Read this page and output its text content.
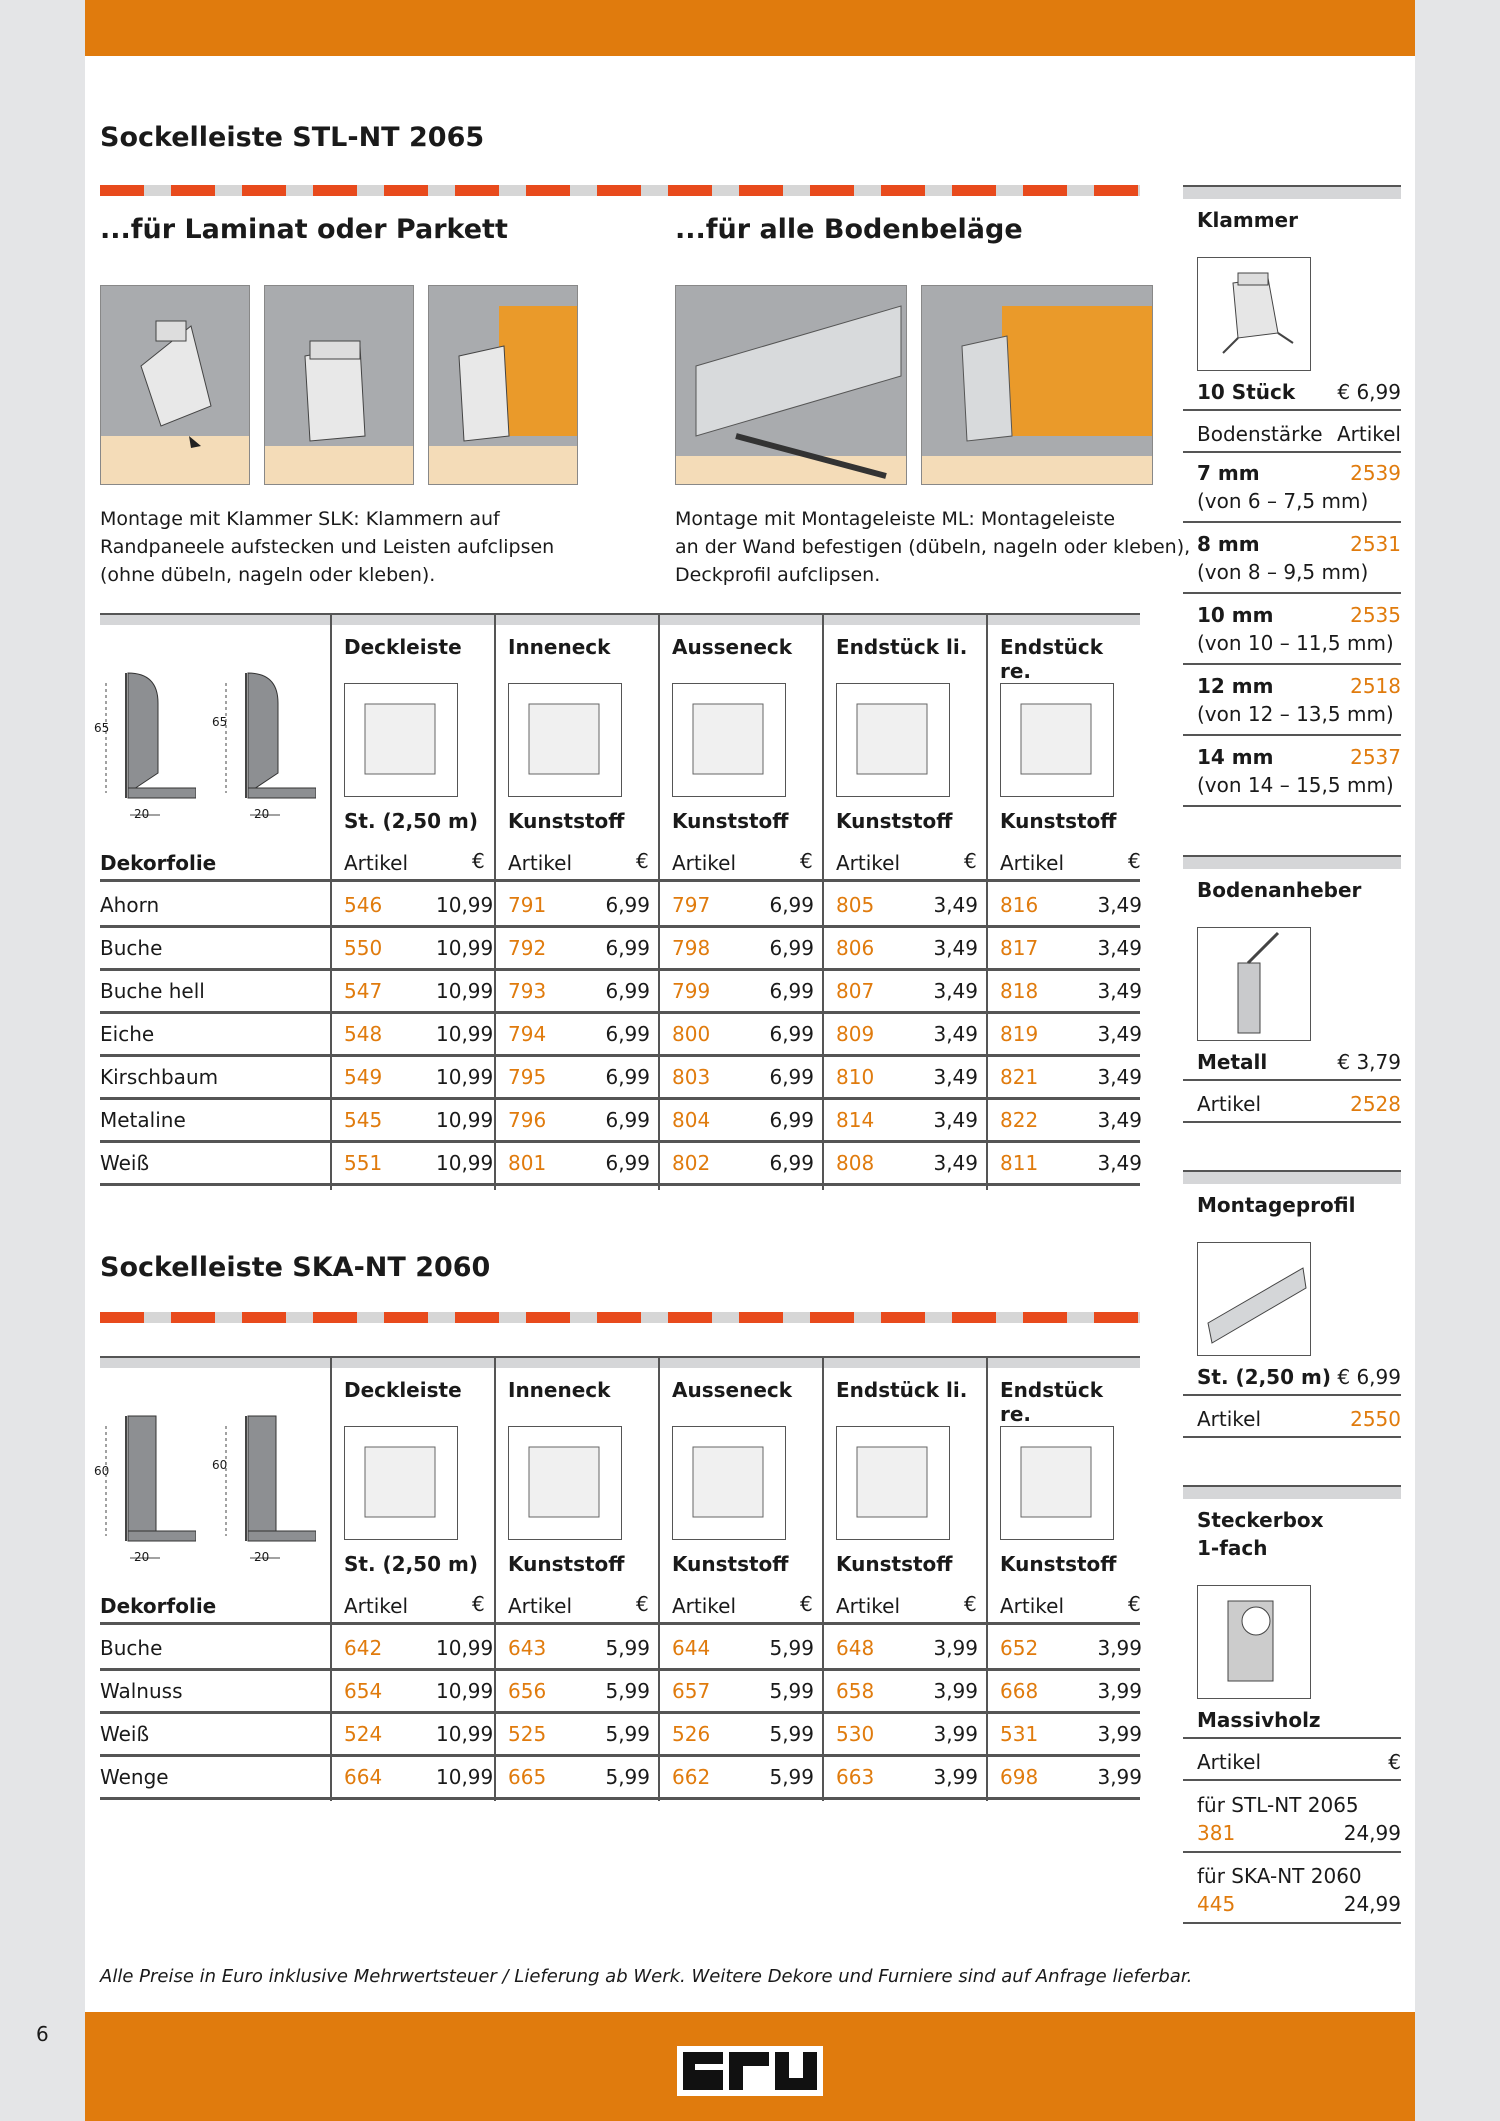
Sockelleiste STL-NT 2065
...für Laminat oder Parkett	...für alle Bodenbeläge
Montage mit Klammer SLK: Klammern auf
Randpaneele aufstecken und Leisten aufclipsen
(ohne dübeln, nageln oder kleben).
Montage mit Montageleiste ML: Montageleiste
an der Wand befestigen (dübeln, nageln oder kleben),
Deckprofil aufclipsen.
65	65
20	20
Deckleiste
St. (2,50 m)
Artikel	€
Inneneck
Kunststoff
Artikel	€
Ausseneck
Kunststoff
Artikel	€
Endstück li.
Kunststoff
Artikel	€
Endstück re.
Kunststoff
Artikel	€
Dekorfolie
Ahorn	546	10,99 791	6,99 797	6,99 805	3,49 816	3,49
Buche	550	10,99 792	6,99 798	6,99 806	3,49 817	3,49
Buche hell	547	10,99 793	6,99 799	6,99 807	3,49 818	3,49
Eiche	548	10,99 794	6,99 800	6,99 809	3,49 819	3,49
Kirschbaum	549	10,99 795	6,99 803	6,99 810	3,49 821	3,49
Metaline	545	10,99 796	6,99 804	6,99 814	3,49 822	3,49
Weiß	551	10,99 801	6,99 802	6,99 808	3,49 811	3,49
Sockelleiste SKA-NT 2060
60	60
20	20
Deckleiste
St. (2,50 m)
Artikel	€
Inneneck
Kunststoff
Artikel	€
Ausseneck
Kunststoff
Artikel	€
Endstück li.
Kunststoff
Artikel	€
Endstück re.
Kunststoff
Artikel	€
Dekorfolie
Buche	642	10,99 643	5,99 644	5,99 648	3,99 652	3,99
Walnuss	654	10,99 656	5,99 657	5,99 658	3,99 668	3,99
Weiß	524	10,99 525	5,99 526	5,99 530	3,99 531	3,99
Wenge	664	10,99 665	5,99 662	5,99 663	3,99 698	3,99
Klammer
10 Stück € 6,99
Bodenstärke Artikel
7 mm	2539
(von 6 – 7,5 mm)
8 mm	2531
(von 8 – 9,5 mm)
10 mm	2535
(von 10 – 11,5 mm)
12 mm	2518
(von 12 – 13,5 mm)
14 mm	2537
(von 14 – 15,5 mm)
Bodenanheber
Metall	€ 3,79
Artikel	2528
Montageprofil
St. (2,50 m) € 6,99
Artikel	2550
Steckerbox
1-fach
Massivholz
Artikel	€
für STL-NT 2065
381	24,99
für SKA-NT 2060
445	24,99
Alle Preise in Euro inklusive Mehrwertsteuer / Lieferung ab Werk. Weitere Dekore und Furniere sind auf Anfrage lieferbar.
6
